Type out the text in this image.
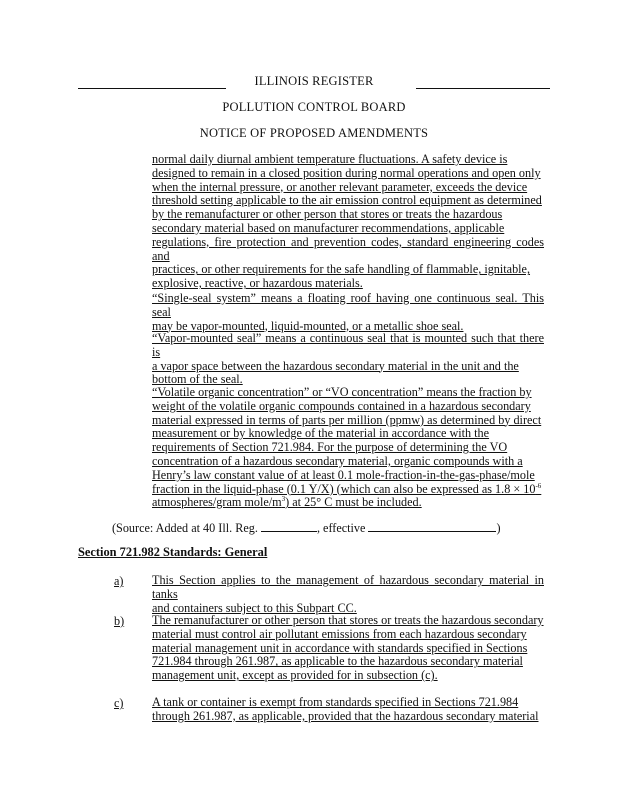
ILLINOIS REGISTER
POLLUTION CONTROL BOARD
NOTICE OF PROPOSED AMENDMENTS
normal daily diurnal ambient temperature fluctuations. A safety device is
designed to remain in a closed position during normal operations and open only
when the internal pressure, or another relevant parameter, exceeds the device
threshold setting applicable to the air emission control equipment as determined
by the remanufacturer or other person that stores or treats the hazardous
secondary material based on manufacturer recommendations, applicable
regulations, fire protection and prevention codes, standard engineering codes and
practices, or other requirements for the safe handling of flammable, ignitable,
explosive, reactive, or hazardous materials.
“Single-seal system” means a floating roof having one continuous seal. This seal
may be vapor-mounted, liquid-mounted, or a metallic shoe seal.
“Vapor-mounted seal” means a continuous seal that is mounted such that there is
a vapor space between the hazardous secondary material in the unit and the
bottom of the seal.
“Volatile organic concentration” or “VO concentration” means the fraction by
weight of the volatile organic compounds contained in a hazardous secondary
material expressed in terms of parts per million (ppmw) as determined by direct
measurement or by knowledge of the material in accordance with the
requirements of Section 721.984. For the purpose of determining the VO
concentration of a hazardous secondary material, organic compounds with a
Henry’s law constant value of at least 0.1 mole-fraction-in-the-gas-phase/mole
fraction in the liquid-phase (0.1 Y/X) (which can also be expressed as $1.8 \times 10^{-6}$
atmospheres/gram mole/$m^3$) at 25° C must be included.
(Source: Added at 40 Ill. Reg.	, effective	)
Section 721.982 Standards: General
a) This Section applies to the management of hazardous secondary material in tanks
and containers subject to this Subpart CC.
b) The remanufacturer or other person that stores or treats the hazardous secondary
material must control air pollutant emissions from each hazardous secondary
material management unit in accordance with standards specified in Sections
721.984 through 261.987, as applicable to the hazardous secondary material
management unit, except as provided for in subsection (c).
c) A tank or container is exempt from standards specified in Sections 721.984
through 261.987, as applicable, provided that the hazardous secondary material
